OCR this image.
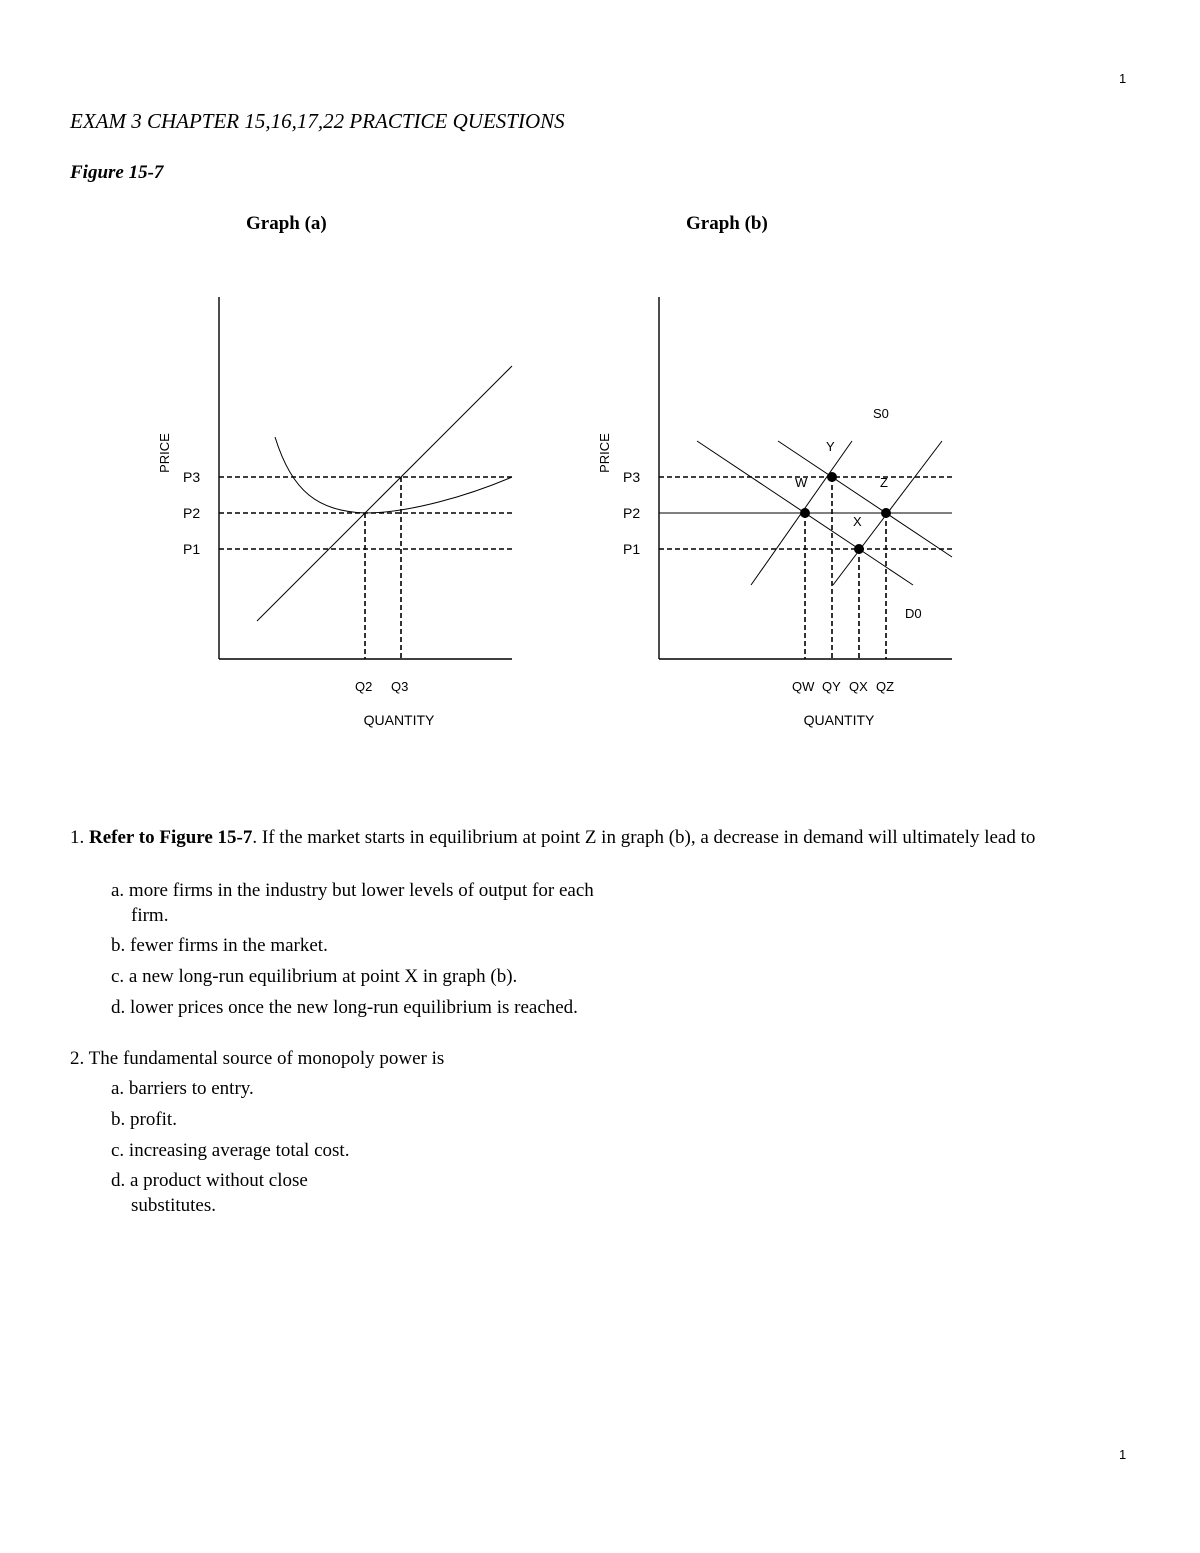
1
1
EXAM 3 CHAPTER 15,16,17,22 PRACTICE QUESTIONS
Figure 15-7
Graph (a)	Graph (b)
PRICE
P3
P2
P1
Q2 Q3
QUANTITY
W
Y
Z
X
S0
D0
PRICE
P3
P2
P1
QW QY QX QZ
QUANTITY
1. Refer to Figure 15-7. If the market starts in equilibrium at point Z in graph (b), a decrease in demand will ultimately lead to
a. more firms in the industry but lower levels of output for each
firm.
b. fewer firms in the market.
c. a new long-run equilibrium at point X in graph (b).
d. lower prices once the new long-run equilibrium is reached.
2. The fundamental source of monopoly power is
a. barriers to entry.
b. profit.
c. increasing average total cost.
d. a product without close
substitutes.
